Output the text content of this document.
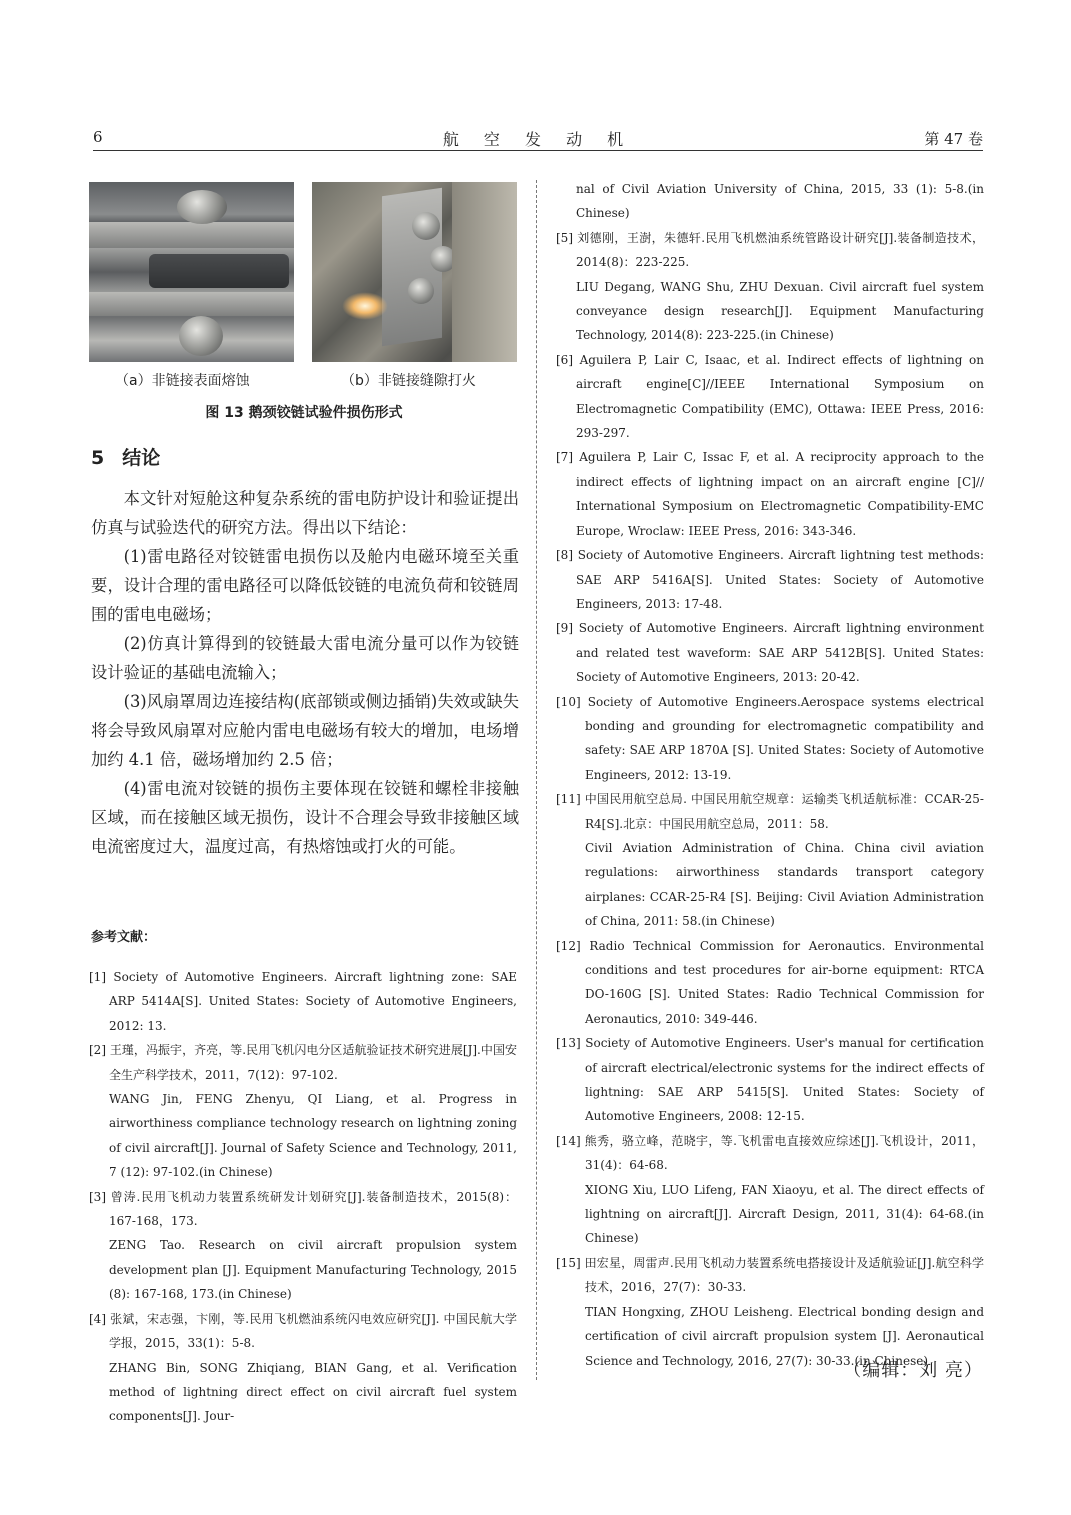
6	航 空 发 动 机	第 47 卷
（a）非链接表面熔蚀	（b）非链接缝隙打火
图 13 鹅颈铰链试验件损伤形式
5 结论

本文针对短舱这种复杂系统的雷电防护设计和验证提出仿真与试验迭代的研究方法。得出以下结论：

(1)雷电路径对铰链雷电损伤以及舱内电磁环境至关重要，设计合理的雷电路径可以降低铰链的电流负荷和铰链周围的雷电电磁场；

(2)仿真计算得到的铰链最大雷电流分量可以作为铰链设计验证的基础电流输入；

(3)风扇罩周边连接结构(底部锁或侧边插销)失效或缺失将会导致风扇罩对应舱内雷电电磁场有较大的增加，电场增加约 4.1 倍，磁场增加约 2.5 倍；

(4)雷电流对铰链的损伤主要体现在铰链和螺栓非接触区域，而在接触区域无损伤，设计不合理会导致非接触区域电流密度过大，温度过高，有热熔蚀或打火的可能。

参考文献：
[1] Society of Automotive Engineers. Aircraft lightning zone: SAE ARP 5414A[S]. United States: Society of Automotive Engineers, 2012: 13.
[2] 王瑾，冯振宇，齐亮，等.民用飞机闪电分区适航验证技术研究进展[J].中国安全生产科学技术，2011，7(12)：97-102.
WANG Jin, FENG Zhenyu, QI Liang, et al. Progress in airworthiness compliance technology research on lightning zoning of civil aircraft[J]. Journal of Safety Science and Technology, 2011, 7 (12): 97-102.(in Chinese)
[3] 曾涛.民用飞机动力装置系统研发计划研究[J].装备制造技术，2015(8)：167-168，173.
ZENG Tao. Research on civil aircraft propulsion system development plan [J]. Equipment Manufacturing Technology, 2015 (8): 167-168, 173.(in Chinese)
[4] 张斌，宋志强，卞刚，等.民用飞机燃油系统闪电效应研究[J]. 中国民航大学学报，2015，33(1)：5-8.
ZHANG Bin, SONG Zhiqiang, BIAN Gang, et al. Verification method of lightning direct effect on civil aircraft fuel system components[J]. Jour-
nal of Civil Aviation University of China, 2015, 33 (1): 5-8.(in Chinese)
[5] 刘德刚，王澍，朱德轩.民用飞机燃油系统管路设计研究[J].装备制造技术，2014(8)：223-225.
LIU Degang, WANG Shu, ZHU Dexuan. Civil aircraft fuel system conveyance design research[J]. Equipment Manufacturing Technology, 2014(8): 223-225.(in Chinese)
[6] Aguilera P, Lair C, Isaac, et al. Indirect effects of lightning on aircraft engine[C]//IEEE International Symposium on Electromagnetic Compatibility (EMC), Ottawa: IEEE Press, 2016: 293-297.
[7] Aguilera P, Lair C, Issac F, et al. A reciprocity approach to the indirect effects of lightning impact on an aircraft engine [C]// International Symposium on Electromagnetic Compatibility-EMC Europe, Wroclaw: IEEE Press, 2016: 343-346.
[8] Society of Automotive Engineers. Aircraft lightning test methods: SAE ARP 5416A[S]. United States: Society of Automotive Engineers, 2013: 17-48.
[9] Society of Automotive Engineers. Aircraft lightning environment and related test waveform: SAE ARP 5412B[S]. United States: Society of Automotive Engineers, 2013: 20-42.
[10] Society of Automotive Engineers.Aerospace systems electrical bonding and grounding for electromagnetic compatibility and safety: SAE ARP 1870A [S]. United States: Society of Automotive Engineers, 2012: 13-19.
[11] 中国民用航空总局. 中国民用航空规章：运输类飞机适航标准：CCAR-25-R4[S].北京：中国民用航空总局，2011：58.
Civil Aviation Administration of China. China civil aviation regulations: airworthiness standards transport category airplanes: CCAR-25-R4 [S]. Beijing: Civil Aviation Administration of China, 2011: 58.(in Chinese)
[12] Radio Technical Commission for Aeronautics. Environmental conditions and test procedures for air-borne equipment: RTCA DO-160G [S]. United States: Radio Technical Commission for Aeronautics, 2010: 349-446.
[13] Society of Automotive Engineers. User's manual for certification of aircraft electrical/electronic systems for the indirect effects of lightning: SAE ARP 5415[S]. United States: Society of Automotive Engineers, 2008: 12-15.
[14] 熊秀，骆立峰，范晓宇，等.飞机雷电直接效应综述[J].飞机设计，2011，31(4)：64-68.
XIONG Xiu, LUO Lifeng, FAN Xiaoyu, et al. The direct effects of lightning on aircraft[J]. Aircraft Design, 2011, 31(4): 64-68.(in Chinese)
[15] 田宏星，周雷声.民用飞机动力装置系统电搭接设计及适航验证[J].航空科学技术，2016，27(7)：30-33.
TIAN Hongxing, ZHOU Leisheng. Electrical bonding design and certification of civil aircraft propulsion system [J]. Aeronautical Science and Technology, 2016, 27(7): 30-33.(in Chinese)
（编辑：刘 亮）
